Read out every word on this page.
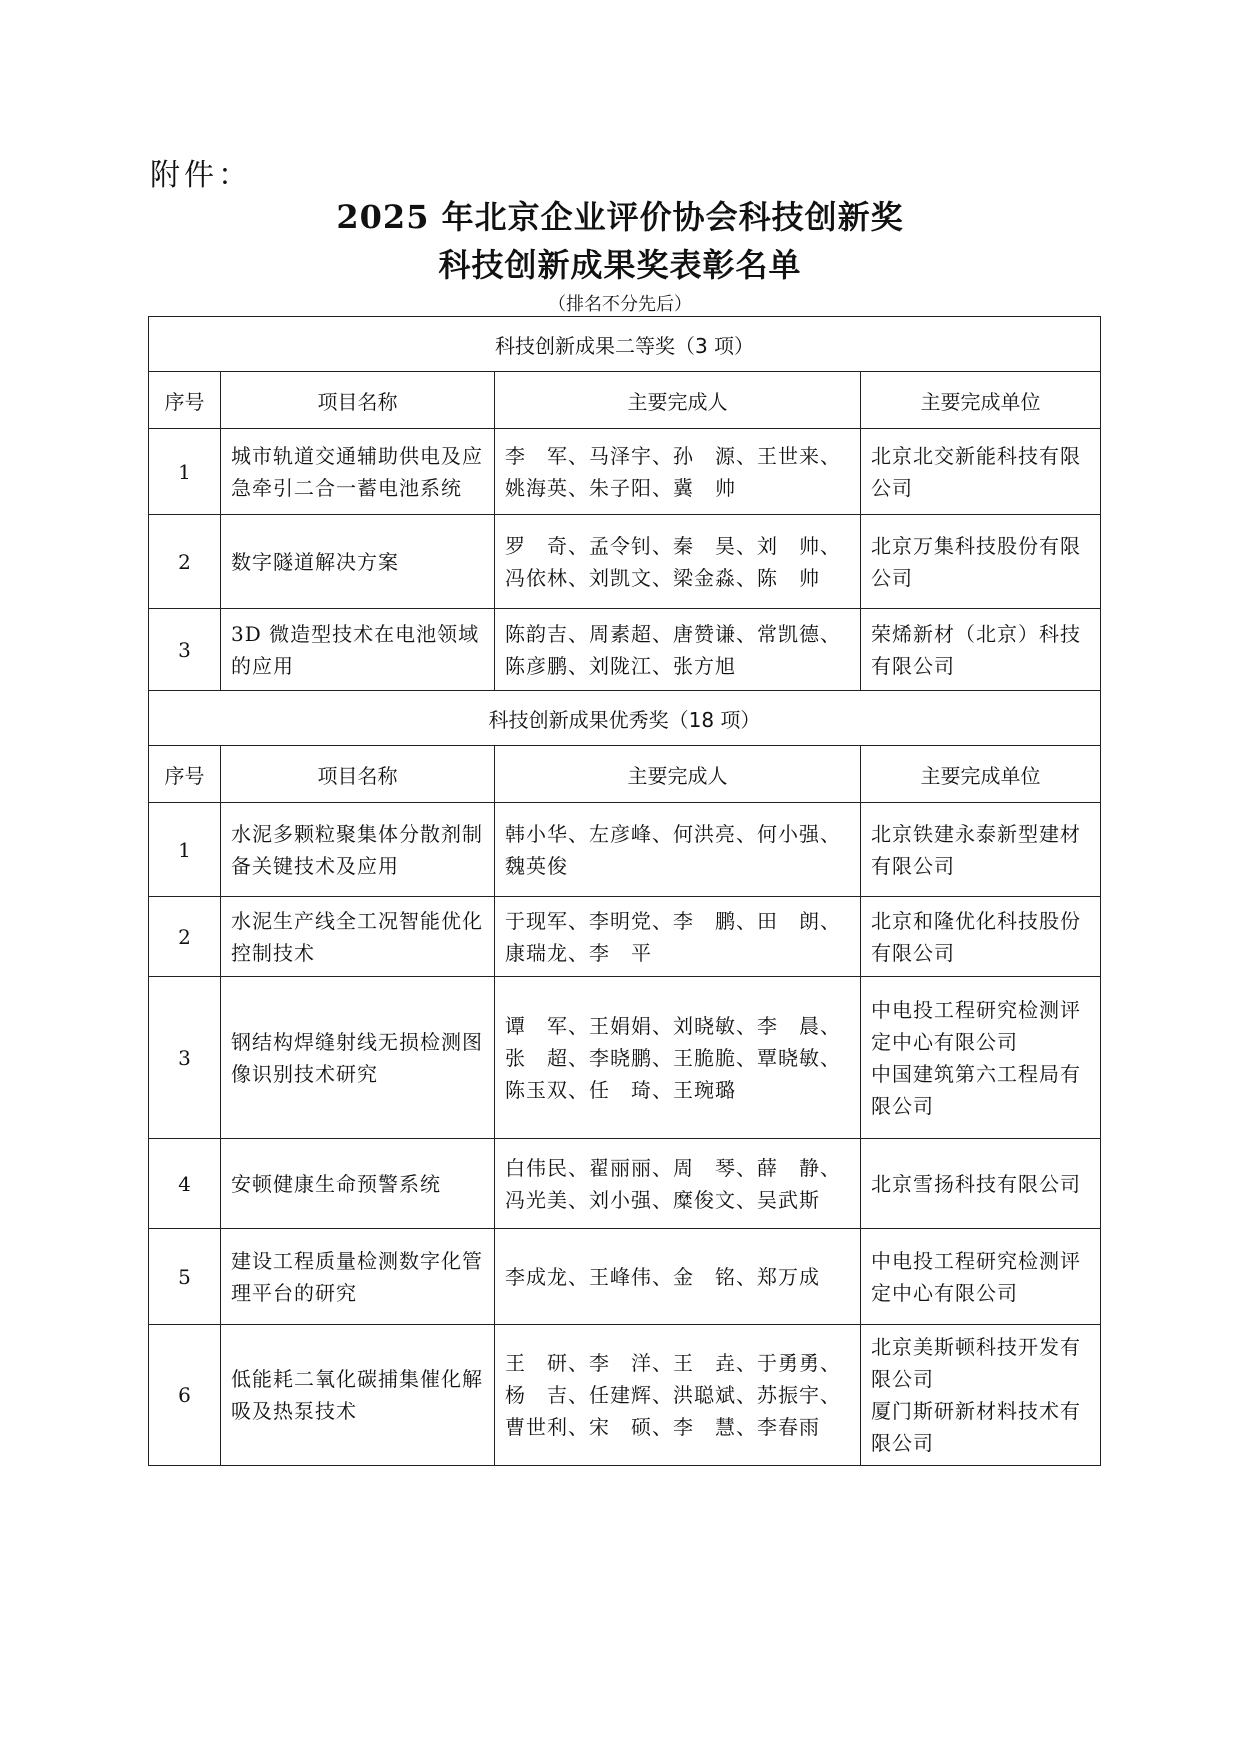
附件：
2025 年北京企业评价协会科技创新奖
科技创新成果奖表彰名单
（排名不分先后）
科技创新成果二等奖（3 项）			
序号	项目名称	主要完成人	主要完成单位
1	城市轨道交通辅助供电及应急牵引二合一蓄电池系统	李　军、马泽宇、孙　源、王世来、姚海英、朱子阳、冀　帅	北京北交新能科技有限公司

2	数字隧道解决方案	罗　奇、孟令钊、秦　昊、刘　帅、冯依林、刘凯文、梁金淼、陈　帅	北京万集科技股份有限公司

3	3D 微造型技术在电池领域的应用	陈韵吉、周素超、唐赞谦、常凯德、陈彦鹏、刘陇江、张方旭	荣烯新材（北京）科技有限公司

科技创新成果优秀奖（18 项）			
序号	项目名称	主要完成人	主要完成单位
1	水泥多颗粒聚集体分散剂制备关键技术及应用	韩小华、左彦峰、何洪亮、何小强、魏英俊	北京铁建永泰新型建材有限公司

2	水泥生产线全工况智能优化控制技术	于现军、李明党、李　鹏、田　朗、康瑞龙、李　平	北京和隆优化科技股份有限公司

3	钢结构焊缝射线无损检测图像识别技术研究	谭　军、王娟娟、刘晓敏、李　晨、张　超、李晓鹏、王脆脆、覃晓敏、陈玉双、任　琦、王琬璐	中电投工程研究检测评定中心有限公司
中国建筑第六工程局有限公司

4	安顿健康生命预警系统	白伟民、翟丽丽、周　琴、薛　静、冯光美、刘小强、糜俊文、吴武斯	北京雪扬科技有限公司

5	建设工程质量检测数字化管理平台的研究	李成龙、王峰伟、金　铭、郑万成	中电投工程研究检测评定中心有限公司

6	低能耗二氧化碳捕集催化解吸及热泵技术	王　研、李　洋、王　垚、于勇勇、杨　吉、任建辉、洪聪斌、苏振宇、曹世利、宋　硕、李　慧、李春雨	北京美斯顿科技开发有限公司
厦门斯研新材料技术有限公司
